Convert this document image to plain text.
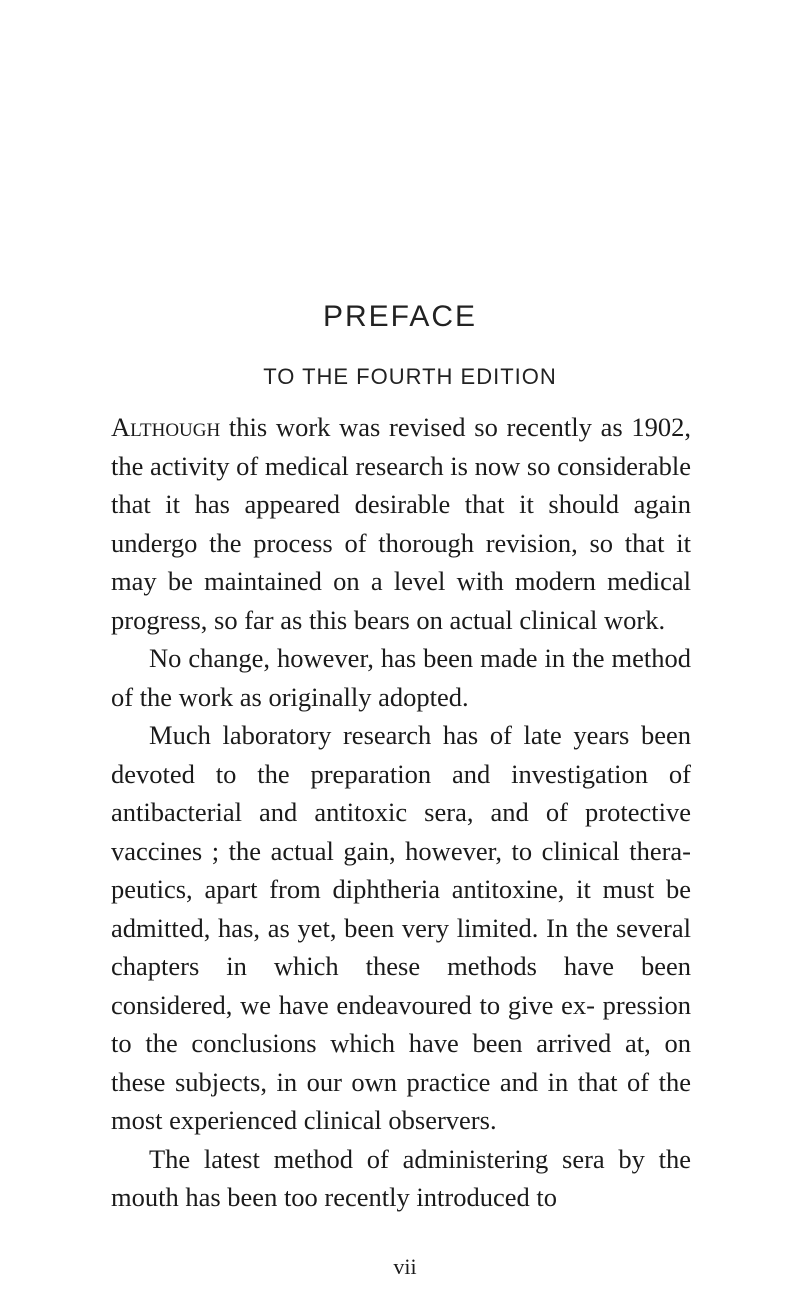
PREFACE
TO THE FOURTH EDITION

Although this work was revised so recently as 1902, the activity of medical research is now so considerable that it has appeared desirable that it should again undergo the process of thorough revision, so that it may be maintained on a level with modern medical progress, so far as this bears on actual clinical work.

No change, however, has been made in the method of the work as originally adopted.

Much laboratory research has of late years been devoted to the preparation and investigation of antibacterial and antitoxic sera, and of protective vaccines ; the actual gain, however, to clinical thera- peutics, apart from diphtheria antitoxine, it must be admitted, has, as yet, been very limited. In the several chapters in which these methods have been considered, we have endeavoured to give ex- pression to the conclusions which have been arrived at, on these subjects, in our own practice and in that of the most experienced clinical observers.

The latest method of administering sera by the mouth has been too recently introduced to

vii
